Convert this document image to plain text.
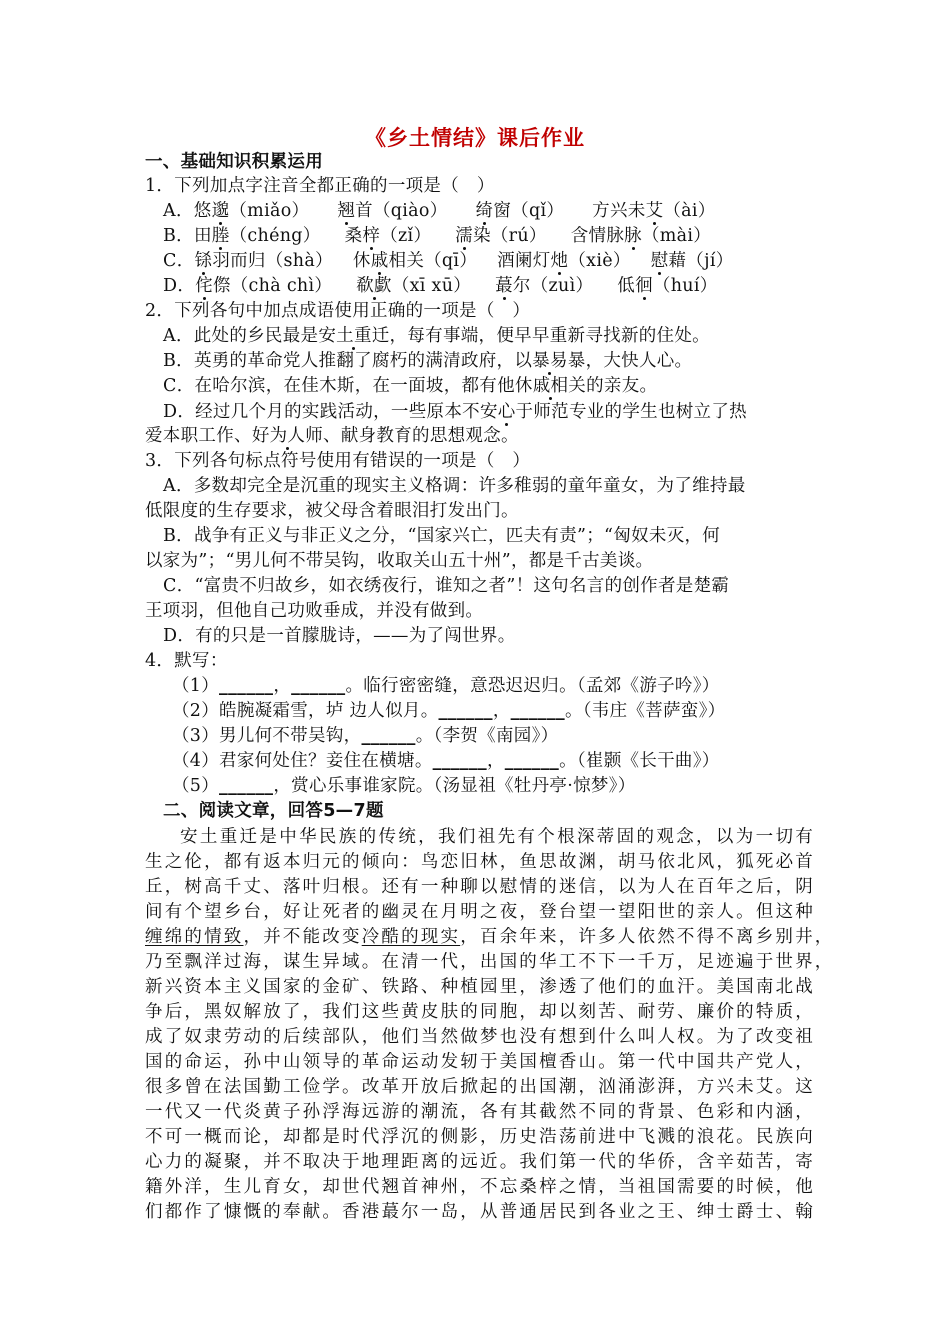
《乡土情结》课后作业
一、基础知识积累运用
1．下列加点字注音全都正确的一项是（　）
A．悠邈（miǎo） 翘首（qiào） 绮窗（qǐ） 方兴未艾（ài）
B．田塍（chéng） 桑梓（zǐ） 濡染（rú） 含情脉脉（mài）
C．铩羽而归（shà） 休戚相关（qī） 酒阑灯灺（xiè） 慰藉（jí）
D．侘傺（chà chì） 欷歔（xī xū） 蕞尔（zuì） 低徊（huí）
2．下列各句中加点成语使用正确的一项是（　）
A．此处的乡民最是安土重迁，每有事端，便早早重新寻找新的住处。
B．英勇的革命党人推翻了腐朽的满清政府，以暴易暴，大快人心。
C．在哈尔滨，在佳木斯，在一面坡，都有他休戚相关的亲友。
D．经过几个月的实践活动，一些原本不安心于师范专业的学生也树立了热
爱本职工作、好为人师、献身教育的思想观念。
3．下列各句标点符号使用有错误的一项是（　）
A．多数却完全是沉重的现实主义格调：许多稚弱的童年童女，为了维持最
低限度的生存要求，被父母含着眼泪打发出门。
B．战争有正义与非正义之分，“国家兴亡，匹夫有责”；“匈奴未灭，何
以家为”；“男儿何不带吴钩，收取关山五十州”，都是千古美谈。
C．“富贵不归故乡，如衣绣夜行，谁知之者”！这句名言的创作者是楚霸
王项羽，但他自己功败垂成，并没有做到。
D．有的只是一首朦胧诗，——为了闯世界。
4．默写：
（1）______，______。临行密密缝，意恐迟迟归。（孟郊《游子吟》）
（2）皓腕凝霜雪，垆 边人似月。______，______。（韦庄《菩萨蛮》）
（3）男儿何不带吴钩，______。（李贺《南园》）
（4）君家何处住？妾住在横塘。______，______。（崔颢《长干曲》）
（5）______，赏心乐事谁家院。（汤显祖《牡丹亭·惊梦》）
二、阅读文章，回答5—7题
安土重迁是中华民族的传统，我们祖先有个根深蒂固的观念，以为一切有
生之伦，都有返本归元的倾向：鸟恋旧林，鱼思故渊，胡马依北风，狐死必首
丘，树高千丈、落叶归根。还有一种聊以慰情的迷信，以为人在百年之后，阴
间有个望乡台，好让死者的幽灵在月明之夜，登台望一望阳世的亲人。但这种
缠绵的情致，并不能改变冷酷的现实，百余年来，许多人依然不得不离乡别井，
乃至飘洋过海，谋生异域。在清一代，出国的华工不下一千万，足迹遍于世界，
新兴资本主义国家的金矿、铁路、种植园里，渗透了他们的血汗。美国南北战
争后，黑奴解放了，我们这些黄皮肤的同胞，却以刻苦、耐劳、廉价的特质，
成了奴隶劳动的后续部队，他们当然做梦也没有想到什么叫人权。为了改变祖
国的命运，孙中山领导的革命运动发轫于美国檀香山。第一代中国共产党人，
很多曾在法国勤工俭学。改革开放后掀起的出国潮，汹涌澎湃，方兴未艾。这
一代又一代炎黄子孙浮海远游的潮流，各有其截然不同的背景、色彩和内涵，
不可一概而论，却都是时代浮沉的侧影，历史浩荡前进中飞溅的浪花。民族向
心力的凝聚，并不取决于地理距离的远近。我们第一代的华侨，含辛茹苦，寄
籍外洋，生儿育女，却世代翘首神州，不忘桑梓之情，当祖国需要的时候，他
们都作了慷慨的奉献。香港蕞尔一岛，从普通居民到各业之王、绅士爵士、翰
